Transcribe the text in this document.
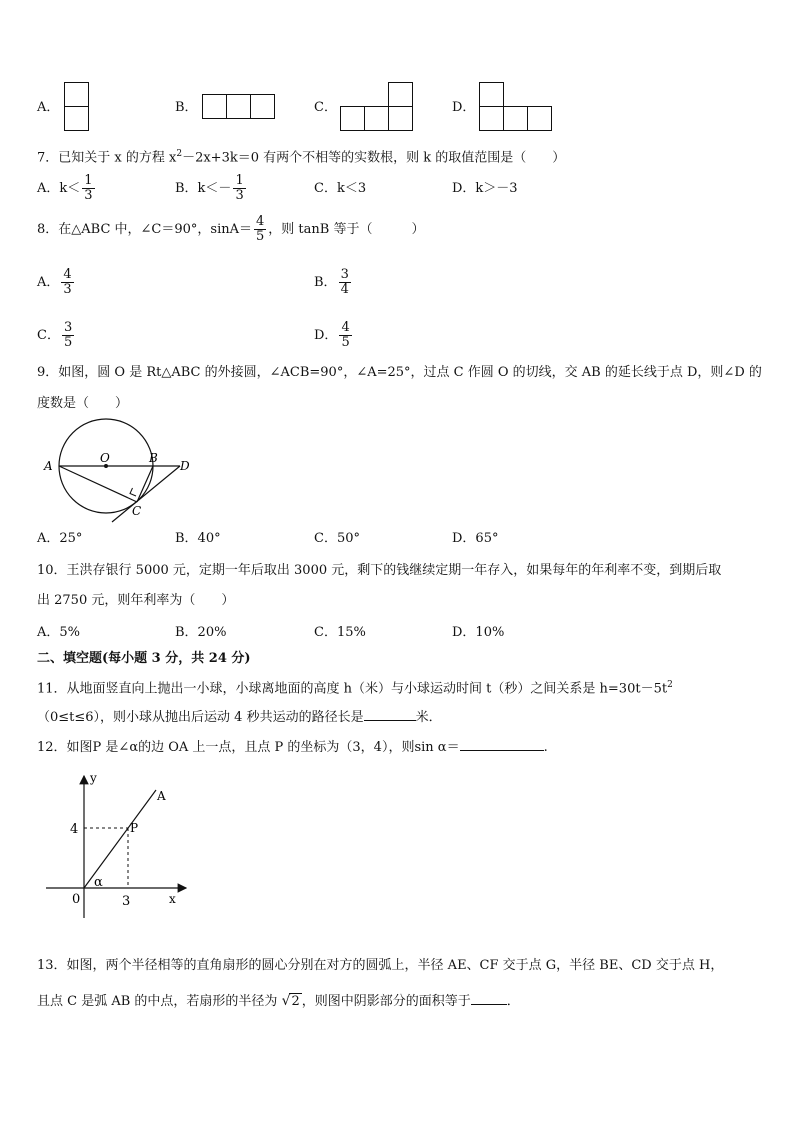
A．	B．	C．	D．
7．已知关于 x 的方程 $x^2-2x+3k=0$ 有两个不相等的实数根，则 k 的取值范围是（　　）
A．$k< \frac{1}{3}$	B．$k<- \frac{1}{3}$	C．k＜3	D．k＞－3
8．在△ABC 中，∠C＝90°，$\sin A= \frac{4}{5}$ ，则 tanB 等于（　　　）
A． $\frac{4}{3}$	B． $\frac{3}{4}$
C． $\frac{3}{5}$	D． $\frac{4}{5}$
9．如图，圆 O 是 Rt△ABC 的外接圆，∠ACB=90°，∠A=25°，过点 C 作圆 O 的切线，交 AB 的延长线于点 D，则∠D 的
度数是（　　）
A
O	B
D
C
A．25°	B．40°	C．50°	D．65°
10．王洪存银行 5000 元，定期一年后取出 3000 元，剩下的钱继续定期一年存入，如果每年的年利率不变，到期后取
出 2750 元，则年利率为（　　）
A．5%	B．20%	C．15%	D．10%
二、填空题(每小题 3 分，共 24 分)
11．从地面竖直向上抛出一小球，小球离地面的高度 h（米）与小球运动时间 t（秒）之间关系是 $h=30t-5t^2$
（0≤t≤6），则小球从抛出后运动 4 秒共运动的路径长是	米．
12．如图P 是∠α的边 OA 上一点，且点 P 的坐标为（3，4），则sin α＝	.
y
x
A
P
4
3
0
α
13．如图，两个半径相等的直角扇形的圆心分别在对方的圆弧上，半径 AE、CF 交于点 G，半径 BE、CD 交于点 H，
且点 C 是弧 AB 的中点，若扇形的半径为 √2 ，则图中阴影部分的面积等于	．
